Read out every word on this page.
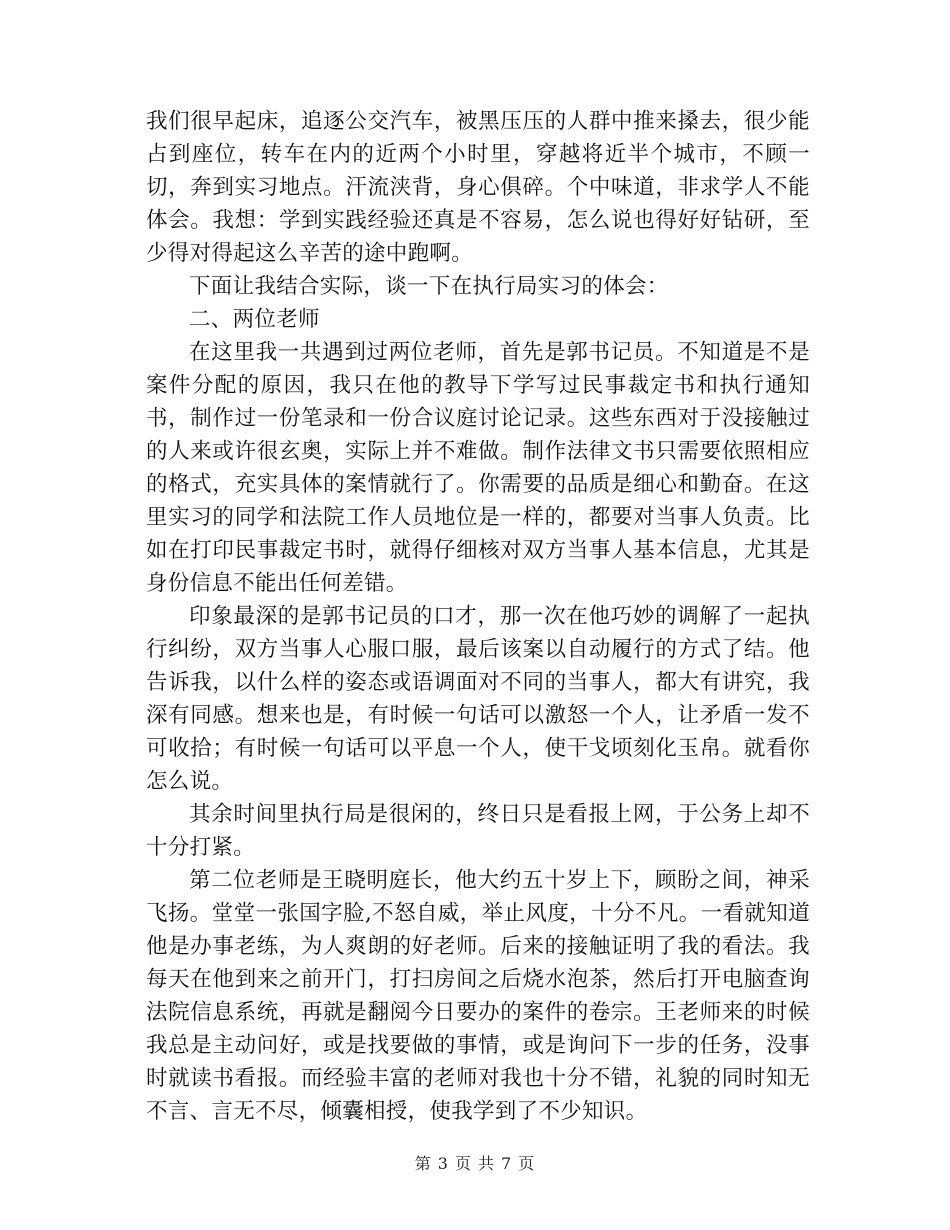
我们很早起床，追逐公交汽车，被黑压压的人群中推来搡去，很少能占到座位，转车在内的近两个小时里，穿越将近半个城市，不顾一切，奔到实习地点。汗流浃背，身心俱碎。个中味道，非求学人不能体会。我想：学到实践经验还真是不容易，怎么说也得好好钻研，至少得对得起这么辛苦的途中跑啊。

下面让我结合实际，谈一下在执行局实习的体会：

二、两位老师

在这里我一共遇到过两位老师，首先是郭书记员。不知道是不是案件分配的原因，我只在他的教导下学写过民事裁定书和执行通知书，制作过一份笔录和一份合议庭讨论记录。这些东西对于没接触过的人来或许很玄奥，实际上并不难做。制作法律文书只需要依照相应的格式，充实具体的案情就行了。你需要的品质是细心和勤奋。在这里实习的同学和法院工作人员地位是一样的，都要对当事人负责。比如在打印民事裁定书时，就得仔细核对双方当事人基本信息，尤其是身份信息不能出任何差错。

印象最深的是郭书记员的口才，那一次在他巧妙的调解了一起执行纠纷，双方当事人心服口服，最后该案以自动履行的方式了结。他告诉我，以什么样的姿态或语调面对不同的当事人，都大有讲究，我深有同感。想来也是，有时候一句话可以激怒一个人，让矛盾一发不可收拾；有时候一句话可以平息一个人，使干戈顷刻化玉帛。就看你怎么说。

其余时间里执行局是很闲的，终日只是看报上网，于公务上却不十分打紧。

第二位老师是王晓明庭长，他大约五十岁上下，顾盼之间，神采飞扬。堂堂一张国字脸,不怒自威，举止风度，十分不凡。一看就知道他是办事老练，为人爽朗的好老师。后来的接触证明了我的看法。我每天在他到来之前开门，打扫房间之后烧水泡茶，然后打开电脑查询法院信息系统，再就是翻阅今日要办的案件的卷宗。王老师来的时候我总是主动问好，或是找要做的事情，或是询问下一步的任务，没事时就读书看报。而经验丰富的老师对我也十分不错，礼貌的同时知无不言、言无不尽，倾囊相授，使我学到了不少知识。

第 3 页 共 7 页
